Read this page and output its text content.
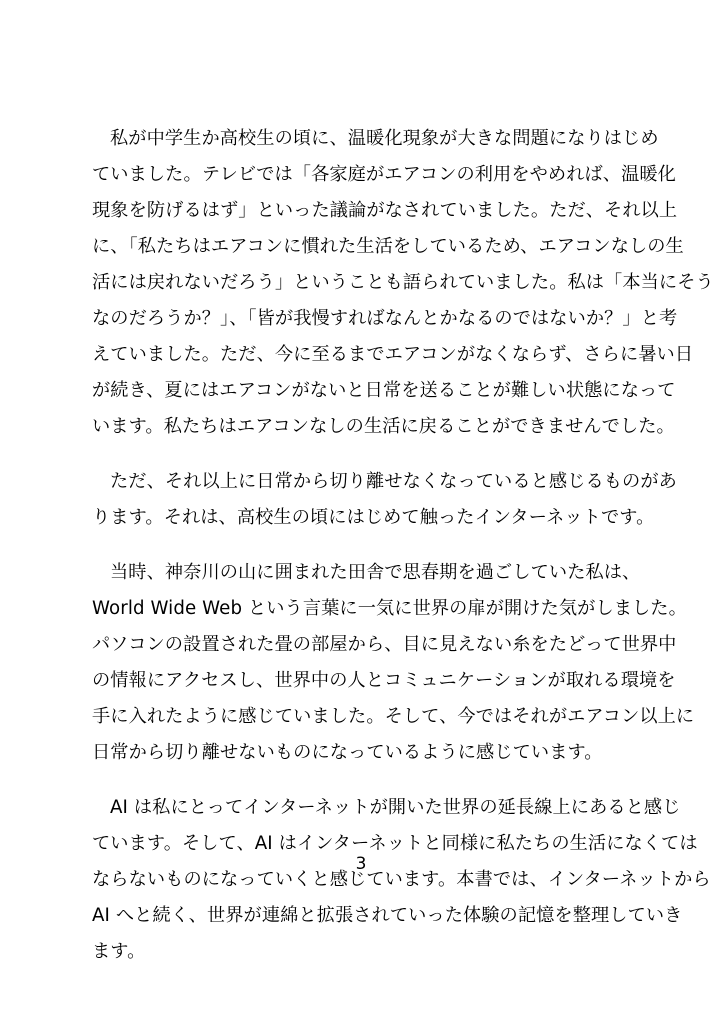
私が中学生か高校生の頃に、温暖化現象が大きな問題になりはじめ
ていました。テレビでは「各家庭がエアコンの利用をやめれば、温暖化
現象を防げるはず」といった議論がなされていました。ただ、それ以上
に、「私たちはエアコンに慣れた生活をしているため、エアコンなしの生
活には戻れないだろう」ということも語られていました。私は「本当にそう
なのだろうか？」、「皆が我慢すればなんとかなるのではないか？」と考
えていました。ただ、今に至るまでエアコンがなくならず、さらに暑い日
が続き、夏にはエアコンがないと日常を送ることが難しい状態になって
います。私たちはエアコンなしの生活に戻ることができませんでした。
ただ、それ以上に日常から切り離せなくなっていると感じるものがあ
ります。それは、高校生の頃にはじめて触ったインターネットです。
当時、神奈川の山に囲まれた田舎で思春期を過ごしていた私は、
World Wide Web という言葉に一気に世界の扉が開けた気がしました。
パソコンの設置された畳の部屋から、目に見えない糸をたどって世界中
の情報にアクセスし、世界中の人とコミュニケーションが取れる環境を
手に入れたように感じていました。そして、今ではそれがエアコン以上に
日常から切り離せないものになっているように感じています。
AI は私にとってインターネットが開いた世界の延長線上にあると感じ
ています。そして、AI はインターネットと同様に私たちの生活になくては
ならないものになっていくと感じています。本書では、インターネットから
AI へと続く、世界が連綿と拡張されていった体験の記憶を整理していき
ます。
3
